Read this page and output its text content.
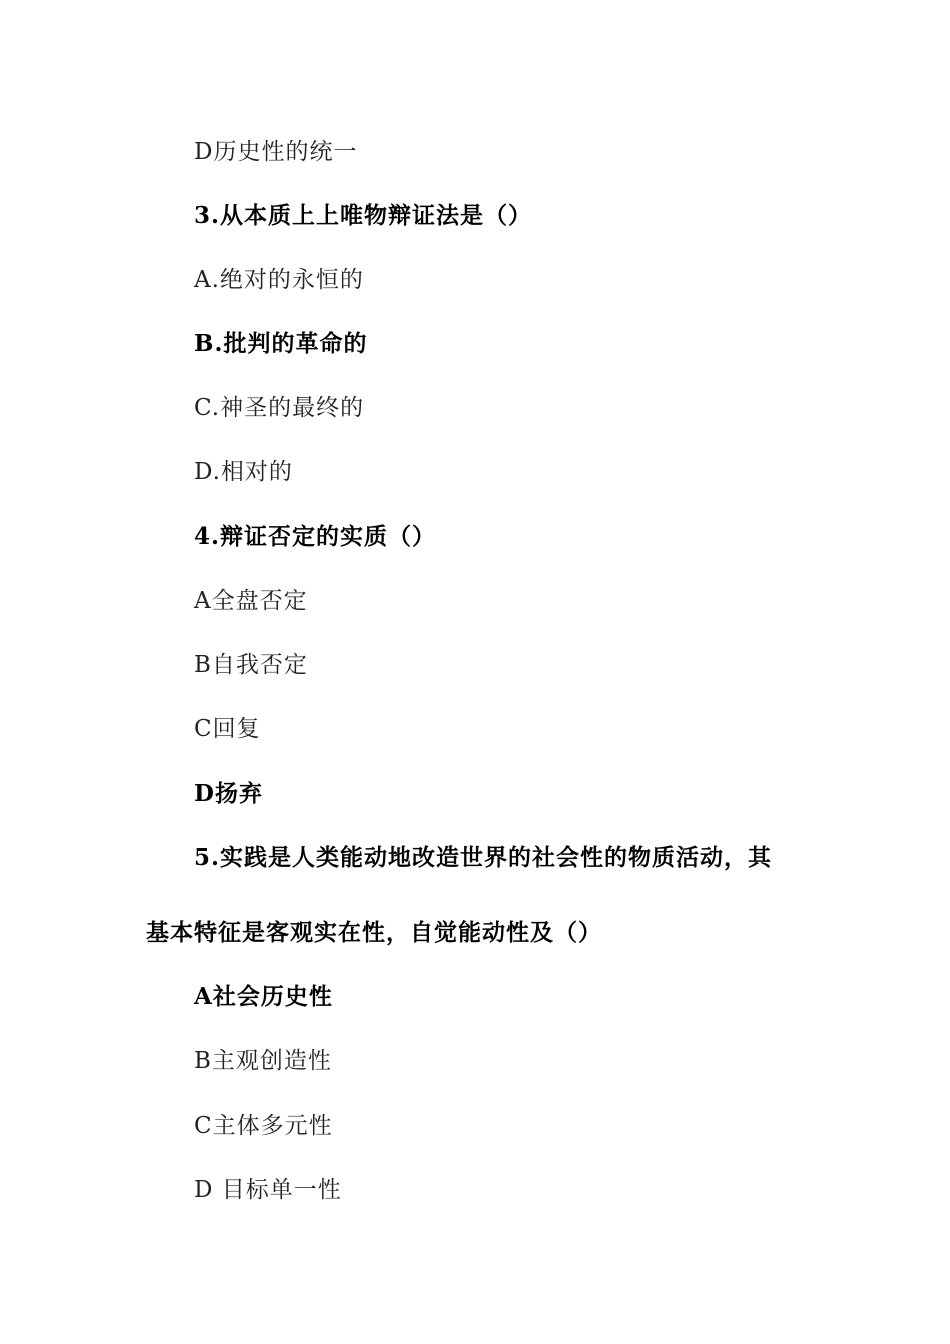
D历史性的统一
3.从本质上上唯物辩证法是（）
A.绝对的永恒的
B.批判的革命的
C.神圣的最终的
D.相对的
4.辩证否定的实质（）
A全盘否定
B自我否定
C回复
D扬弃
5.实践是人类能动地改造世界的社会性的物质活动，其
基本特征是客观实在性，自觉能动性及（）
A社会历史性
B主观创造性
C主体多元性
D 目标单一性
